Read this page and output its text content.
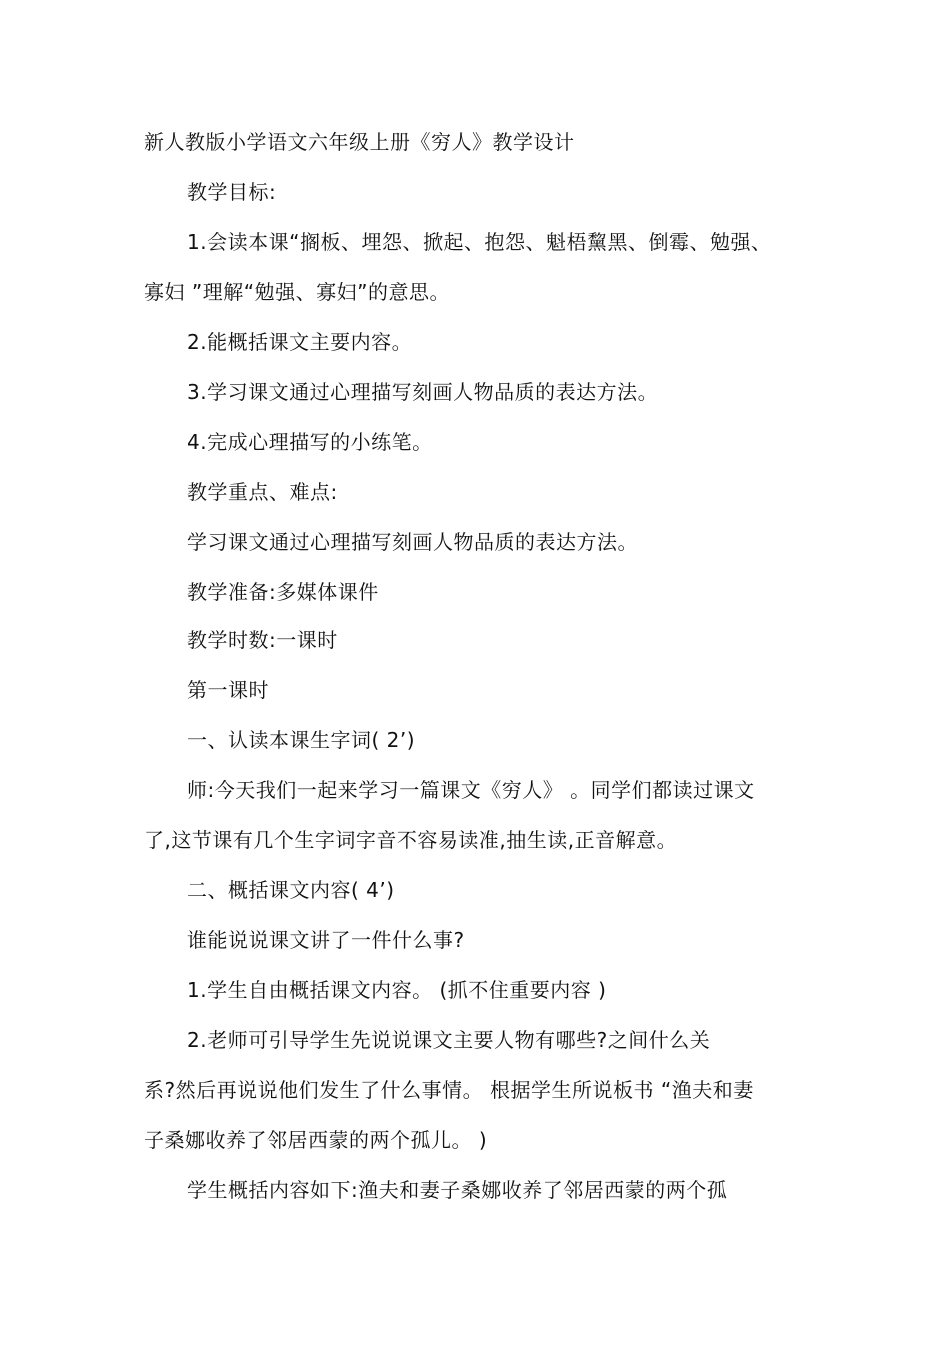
新人教版小学语文六年级上册《穷人》教学设计
教学目标:
1.会读本课“搁板、埋怨、掀起、抱怨、魁梧黧黑、倒霉、勉强、
寡妇 ”理解“勉强、寡妇”的意思。
2.能概括课文主要内容。
3.学习课文通过心理描写刻画人物品质的表达方法。
4.完成心理描写的小练笔。
教学重点、难点:
学习课文通过心理描写刻画人物品质的表达方法。
教学准备:多媒体课件
教学时数:一课时
第一课时
一、认读本课生字词( 2’)
师:今天我们一起来学习一篇课文《穷人》 。同学们都读过课文
了,这节课有几个生字词字音不容易读准,抽生读,正音解意。
二、概括课文内容( 4’)
谁能说说课文讲了一件什么事?
1.学生自由概括课文内容。 (抓不住重要内容 )
2.老师可引导学生先说说课文主要人物有哪些?之间什么关
系?然后再说说他们发生了什么事情。 根据学生所说板书 “渔夫和妻
子桑娜收养了邻居西蒙的两个孤儿。 )
学生概括内容如下:渔夫和妻子桑娜收养了邻居西蒙的两个孤
